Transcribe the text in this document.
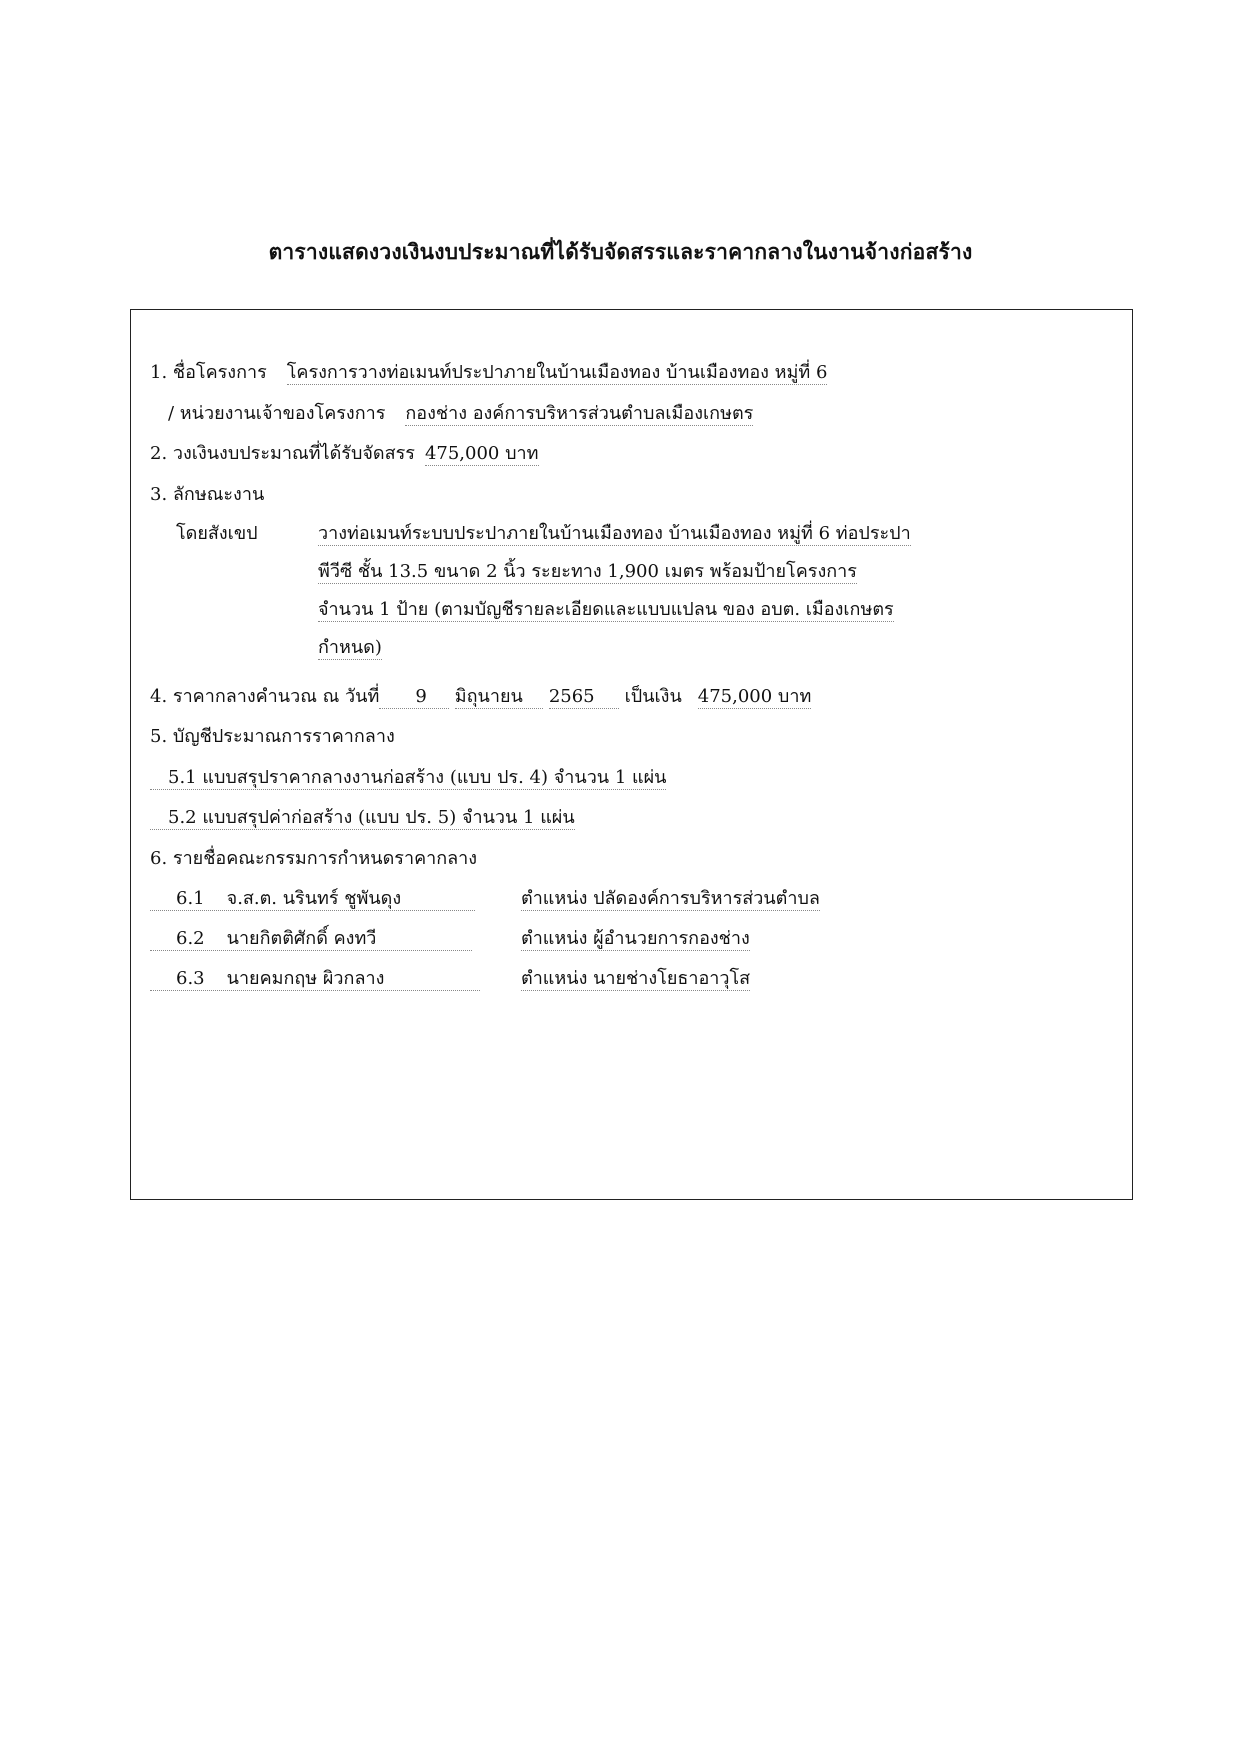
ตารางแสดงวงเงินงบประมาณที่ได้รับจัดสรรและราคากลางในงานจ้างก่อสร้าง
1. ชื่อโครงการ โครงการวางท่อเมนท์ประปาภายในบ้านเมืองทอง บ้านเมืองทอง หมู่ที่ 6
/ หน่วยงานเจ้าของโครงการ กองช่าง องค์การบริหารส่วนตำบลเมืองเกษตร
2. วงเงินงบประมาณที่ได้รับจัดสรร 475,000 บาท
3. ลักษณะงาน
โดยสังเขป	วางท่อเมนท์ระบบประปาภายในบ้านเมืองทอง บ้านเมืองทอง หมู่ที่ 6 ท่อประปา
พีวีซี ชั้น 13.5 ขนาด 2 นิ้ว ระยะทาง 1,900 เมตร พร้อมป้ายโครงการ
จำนวน 1 ป้าย (ตามบัญชีรายละเอียดและแบบแปลน ของ อบต. เมืองเกษตร
กำหนด)
4. ราคากลางคำนวณ ณ วันที่ 9 มิถุนายน 2565 เป็นเงิน 475,000 บาท
5. บัญชีประมาณการราคากลาง
5.1 แบบสรุปราคากลางงานก่อสร้าง (แบบ ปร. 4) จำนวน 1 แผ่น
5.2 แบบสรุปค่าก่อสร้าง (แบบ ปร. 5) จำนวน 1 แผ่น
6. รายชื่อคณะกรรมการกำหนดราคากลาง
6.1 จ.ส.ต. นรินทร์ ชูพันดุง	ตำแหน่ง ปลัดองค์การบริหารส่วนตำบล
6.2 นายกิตติศักดิ์ คงทวี	ตำแหน่ง ผู้อำนวยการกองช่าง
6.3 นายคมกฤษ ผิวกลาง	ตำแหน่ง นายช่างโยธาอาวุโส
